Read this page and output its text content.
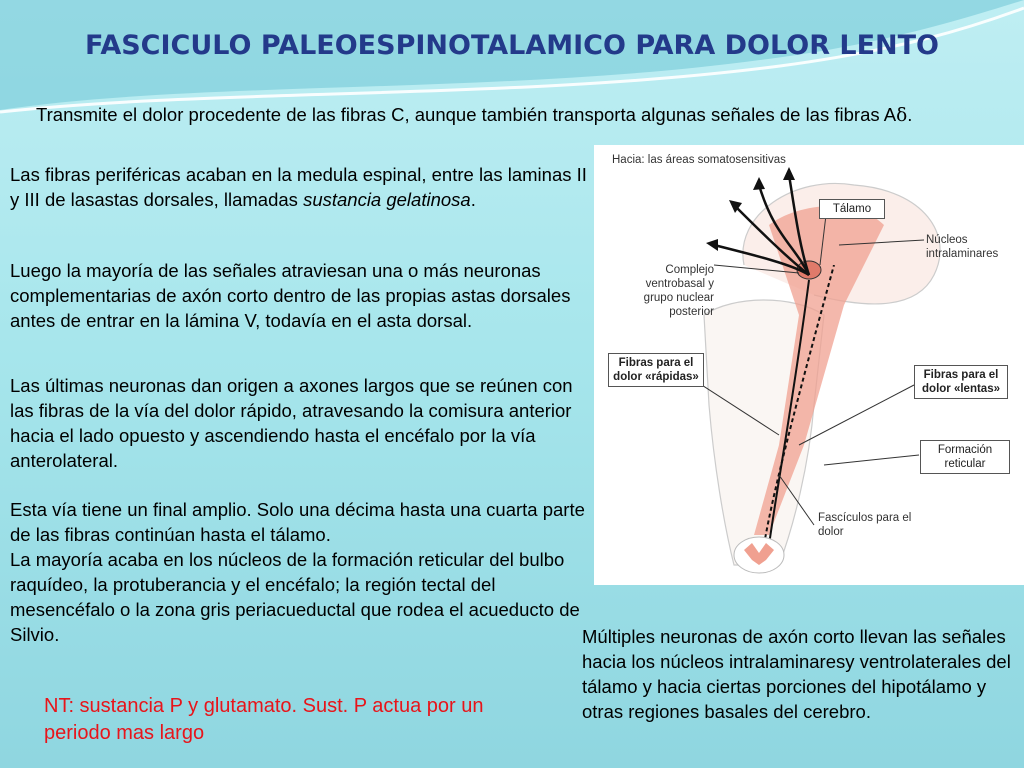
FASCICULO PALEOESPINOTALAMICO PARA DOLOR LENTO
Transmite el dolor procedente de las fibras C, aunque también transporta algunas señales de las fibras Aδ.
Las fibras periféricas acaban en la medula espinal, entre las laminas II y III de lasastas dorsales, llamadas sustancia gelatinosa.
Luego la mayoría de las señales atraviesan una o más neuronas complementarias de axón corto dentro de las propias astas dorsales antes de entrar en la lámina V, todavía en el asta dorsal.
Las últimas neuronas dan origen a axones largos que se reúnen con las fibras de la vía del dolor rápido, atravesando la comisura anterior hacia el lado opuesto y ascendiendo hasta el encéfalo por la vía anterolateral.
Esta vía tiene un final amplio. Solo una décima hasta una cuarta parte de las fibras continúan hasta el tálamo.
La mayoría acaba en los núcleos de la formación reticular del bulbo raquídeo, la protuberancia y el encéfalo; la región tectal del mesencéfalo o la zona gris periacueductal que rodea el acueducto de Silvio.	Múltiples neuronas de axón corto llevan las señales hacia los núcleos intralaminaresy ventrolaterales del tálamo y hacia ciertas porciones del hipotálamo y otras regiones basales del cerebro.
NT: sustancia P y glutamato. Sust. P actua por un periodo mas largo
Hacia: las áreas somatosensitivas
Tálamo
Núcleos intralaminares
Complejo ventrobasal y grupo nuclear posterior
Fibras para el dolor «rápidas»	Fibras para el dolor «lentas»
Formación reticular
Fascículos para el dolor
